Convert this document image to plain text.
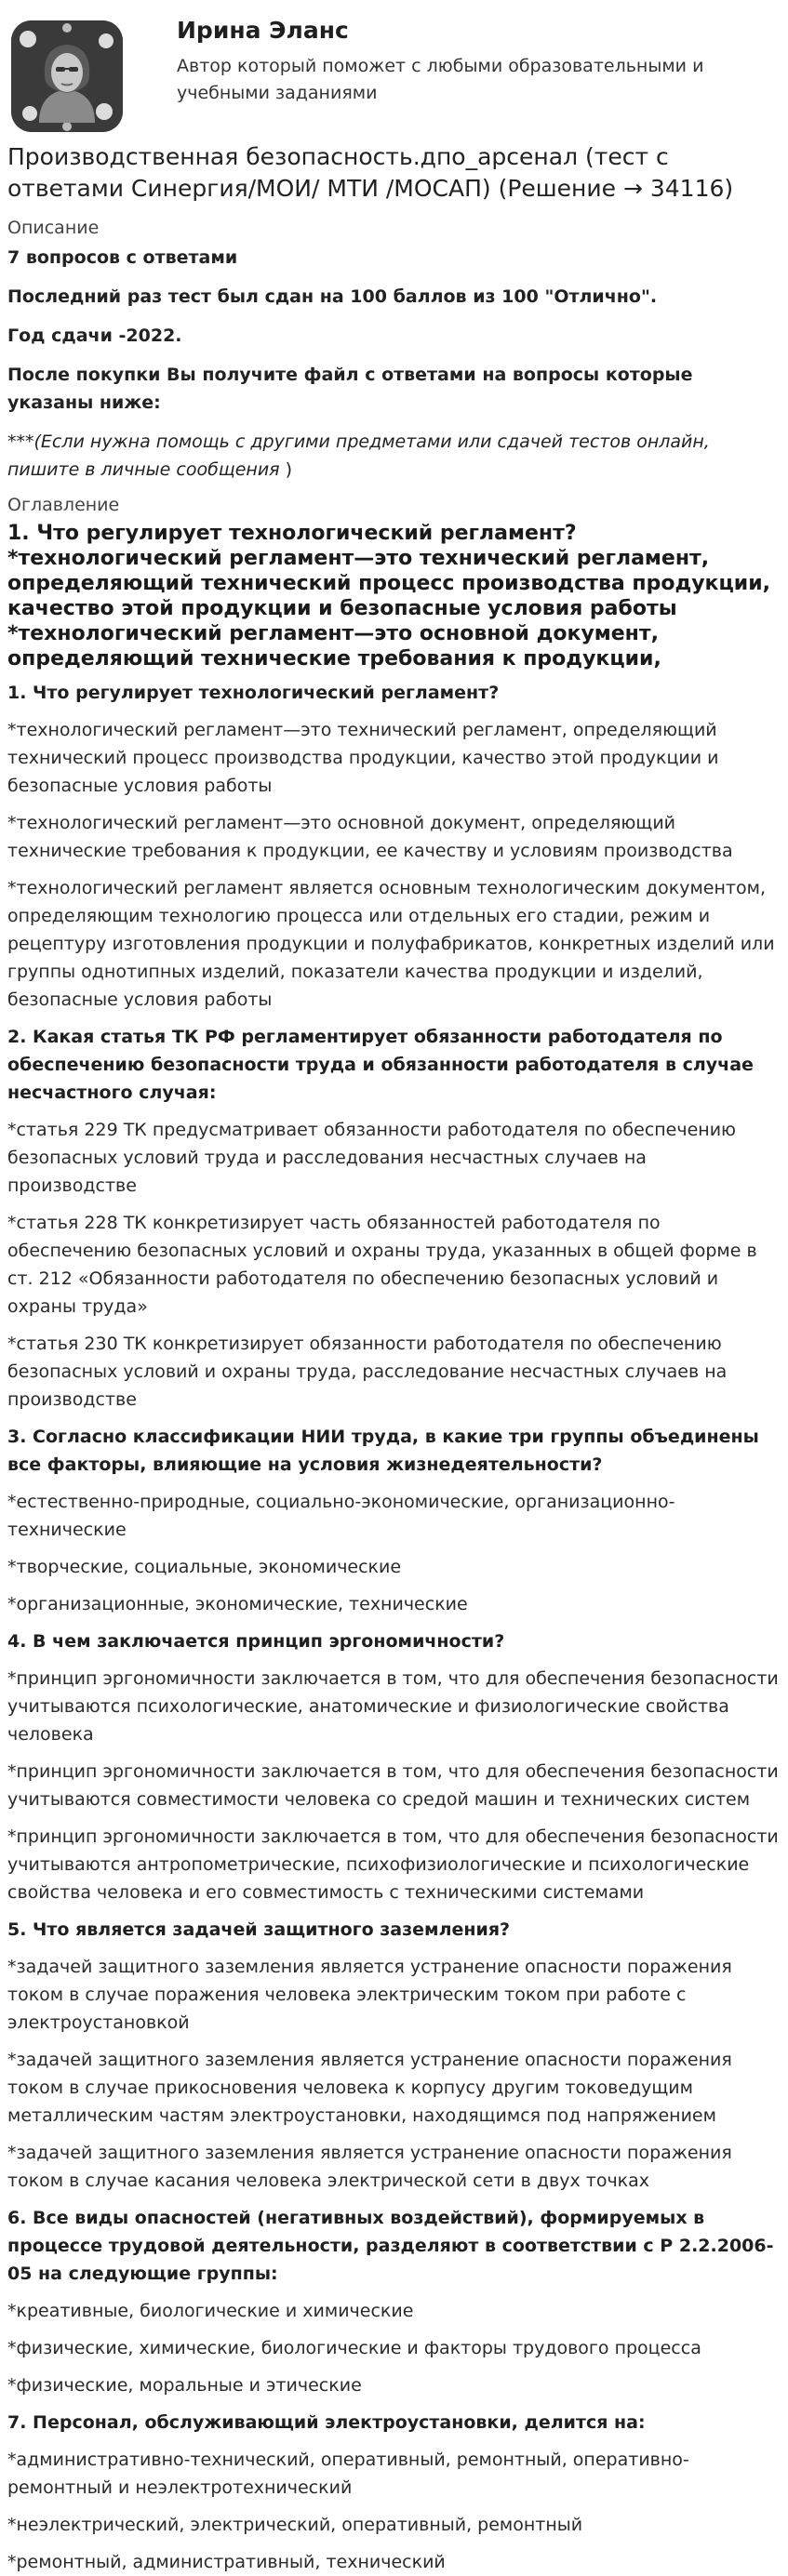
Ирина Эланс
Автор который поможет с любыми образовательными и учебными заданиями
Производственная безопасность.дпо_арсенал (тест с ответами Синергия/МОИ/ МТИ /МОСАП) (Решение → 34116)
Описание
7 вопросов с ответами
Последний раз тест был сдан на 100 баллов из 100 "Отлично".
Год сдачи -2022.
После покупки Вы получите файл с ответами на вопросы которые указаны ниже:
***(Если нужна помощь с другими предметами или сдачей тестов онлайн, пишите в личные сообщения )
Оглавление
1. Что регулирует технологический регламент? *технологический регламент—это технический регламент, определяющий технический процесс производства продукции, качество этой продукции и безопасные условия работы *технологический регламент—это основной документ, определяющий технические требования к продукции,
1. Что регулирует технологический регламент?
*технологический регламент—это технический регламент, определяющий технический процесс производства продукции, качество этой продукции и безопасные условия работы
*технологический регламент—это основной документ, определяющий технические требования к продукции, ее качеству и условиям производства
*технологический регламент является основным технологическим документом, определяющим технологию процесса или отдельных его стадии, режим и рецептуру изготовления продукции и полуфабрикатов, конкретных изделий или группы однотипных изделий, показатели качества продукции и изделий, безопасные условия работы
2. Какая статья ТК РФ регламентирует обязанности работодателя по обеспечению безопасности труда и обязанности работодателя в случае несчастного случая:
*статья 229 ТК предусматривает обязанности работодателя по обеспечению безопасных условий труда и расследования несчастных случаев на производстве
*статья 228 ТК конкретизирует часть обязанностей работодателя по обеспечению безопасных условий и охраны труда, указанных в общей форме в ст. 212 «Обязанности работодателя по обеспечению безопасных условий и охраны труда»
*статья 230 ТК конкретизирует обязанности работодателя по обеспечению безопасных условий и охраны труда, расследование несчастных случаев на производстве
3. Согласно классификации НИИ труда, в какие три группы объединены все факторы, влияющие на условия жизнедеятельности?
*естественно-природные, социально-экономические, организационно-технические
*творческие, социальные, экономические
*организационные, экономические, технические
4. В чем заключается принцип эргономичности?
*принцип эргономичности заключается в том, что для обеспечения безопасности учитываются психологические, анатомические и физиологические свойства человека
*принцип эргономичности заключается в том, что для обеспечения безопасности учитываются совместимости человека со средой машин и технических систем
*принцип эргономичности заключается в том, что для обеспечения безопасности учитываются антропометрические, психофизиологические и психологические свойства человека и его совместимость с техническими системами
5. Что является задачей защитного заземления?
*задачей защитного заземления является устранение опасности поражения током в случае поражения человека электрическим током при работе с электроустановкой
*задачей защитного заземления является устранение опасности поражения током в случае прикосновения человека к корпусу другим токоведущим металлическим частям электроустановки, находящимся под напряжением
*задачей защитного заземления является устранение опасности поражения током в случае касания человека электрической сети в двух точках
6. Все виды опасностей (негативных воздействий), формируемых в процессе трудовой деятельности, разделяют в соответствии с Р 2.2.2006-05 на следующие группы:
*креативные, биологические и химические
*физические, химические, биологические и факторы трудового процесса
*физические, моральные и этические
7. Персонал, обслуживающий электроустановки, делится на:
*административно-технический, оперативный, ремонтный, оперативно-ремонтный и неэлектротехнический
*неэлектрический, электрический, оперативный, ремонтный
*ремонтный, административный, технический
